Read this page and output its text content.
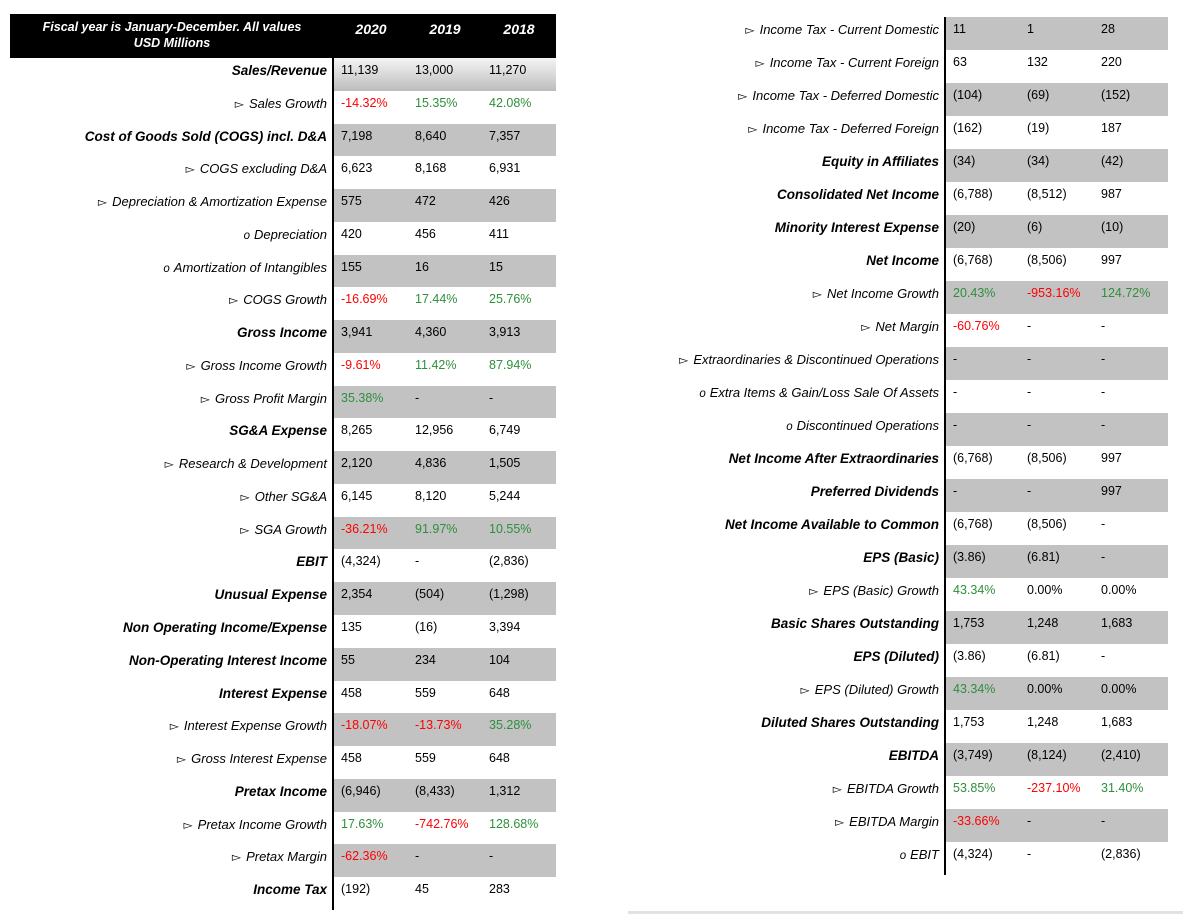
Fiscal year is January-December. All values
USD Millions
2020	2019	2018
Sales/Revenue	11,139	13,000	11,270
▻ Sales Growth	-14.32%	15.35%	42.08%
Cost of Goods Sold (COGS) incl. D&A	7,198	8,640	7,357
▻ COGS excluding D&A	6,623	8,168	6,931
▻ Depreciation & Amortization Expense	575	472	426
o Depreciation	420	456	411
o Amortization of Intangibles	155	16	15
▻ COGS Growth	-16.69%	17.44%	25.76%
Gross Income	3,941	4,360	3,913
▻ Gross Income Growth	-9.61%	11.42%	87.94%
▻ Gross Profit Margin	35.38%	-	-
SG&A Expense	8,265	12,956	6,749
▻ Research & Development	2,120	4,836	1,505
▻ Other SG&A	6,145	8,120	5,244
▻ SGA Growth	-36.21%	91.97%	10.55%
EBIT	(4,324)	-	(2,836)
Unusual Expense	2,354	(504)	(1,298)
Non Operating Income/Expense	135	(16)	3,394
Non-Operating Interest Income	55	234	104
Interest Expense	458	559	648
▻ Interest Expense Growth	-18.07%	-13.73%	35.28%
▻ Gross Interest Expense	458	559	648
Pretax Income	(6,946)	(8,433)	1,312
▻ Pretax Income Growth	17.63%	-742.76%	128.68%
▻ Pretax Margin	-62.36%	-	-
Income Tax	(192)	45	283
▻ Income Tax - Current Domestic	11	1	28
▻ Income Tax - Current Foreign	63	132	220
▻ Income Tax - Deferred Domestic	(104)	(69)	(152)
▻ Income Tax - Deferred Foreign	(162)	(19)	187
Equity in Affiliates	(34)	(34)	(42)
Consolidated Net Income	(6,788)	(8,512)	987
Minority Interest Expense	(20)	(6)	(10)
Net Income	(6,768)	(8,506)	997
▻ Net Income Growth	20.43%	-953.16%	124.72%
▻ Net Margin	-60.76%	-	-
▻ Extraordinaries & Discontinued Operations	-	-	-
o Extra Items & Gain/Loss Sale Of Assets	-	-	-
o Discontinued Operations	-	-	-
Net Income After Extraordinaries	(6,768)	(8,506)	997
Preferred Dividends	-	-	997
Net Income Available to Common	(6,768)	(8,506)	-
EPS (Basic)	(3.86)	(6.81)	-
▻ EPS (Basic) Growth	43.34%	0.00%	0.00%
Basic Shares Outstanding	1,753	1,248	1,683
EPS (Diluted)	(3.86)	(6.81)	-
▻ EPS (Diluted) Growth	43.34%	0.00%	0.00%
Diluted Shares Outstanding	1,753	1,248	1,683
EBITDA	(3,749)	(8,124)	(2,410)
▻ EBITDA Growth	53.85%	-237.10%	31.40%
▻ EBITDA Margin	-33.66%	-	-
o EBIT	(4,324)	-	(2,836)
